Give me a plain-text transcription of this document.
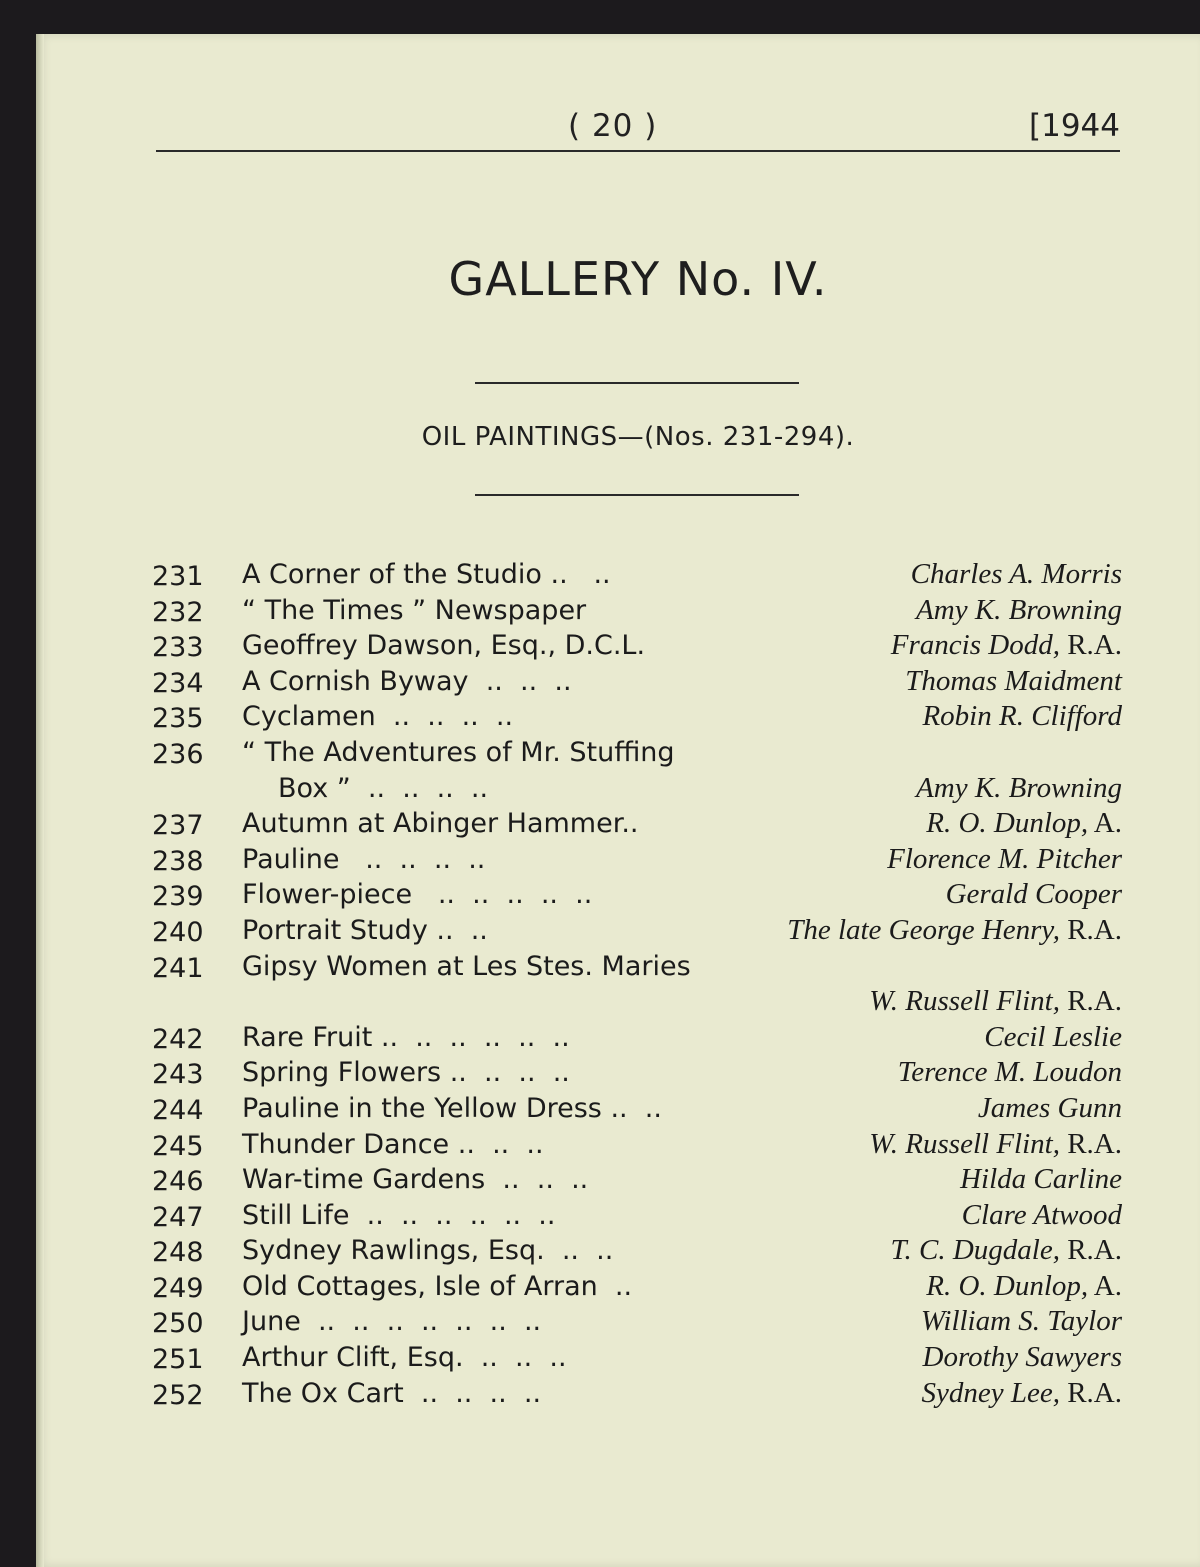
( 20 )	[1944
GALLERY No. IV.
OIL PAINTINGS—(Nos. 231-294).
231	A Corner of the Studio ..   ..	Charles A. Morris
232	“ The Times ” Newspaper	Amy K. Browning
233	Geoffrey Dawson, Esq., D.C.L.	Francis Dodd, R.A.
234	A Cornish Byway  ..  ..  ..	Thomas Maidment
235	Cyclamen  ..  ..  ..  ..	Robin R. Clifford
236	“ The Adventures of Mr. Stuffing
Box ”  ..  ..  ..  ..	Amy K. Browning
237	Autumn at Abinger Hammer..	R. O. Dunlop, A.
238	Pauline   ..  ..  ..  ..	Florence M. Pitcher
239	Flower-piece   ..  ..  ..  ..  ..	Gerald Cooper
240	Portrait Study ..  ..	The late George Henry, R.A.
241	Gipsy Women at Les Stes. Maries
W. Russell Flint, R.A.
242	Rare Fruit ..  ..  ..  ..  ..  ..	Cecil Leslie
243	Spring Flowers ..  ..  ..  ..	Terence M. Loudon
244	Pauline in the Yellow Dress ..  ..	James Gunn
245	Thunder Dance ..  ..  ..	W. Russell Flint, R.A.
246	War-time Gardens  ..  ..  ..	Hilda Carline
247	Still Life  ..  ..  ..  ..  ..  ..	Clare Atwood
248	Sydney Rawlings, Esq.  ..  ..	T. C. Dugdale, R.A.
249	Old Cottages, Isle of Arran  ..	R. O. Dunlop, A.
250	June  ..  ..  ..  ..  ..  ..  ..	William S. Taylor
251	Arthur Clift, Esq.  ..  ..  ..	Dorothy Sawyers
252	The Ox Cart  ..  ..  ..  ..	Sydney Lee, R.A.
